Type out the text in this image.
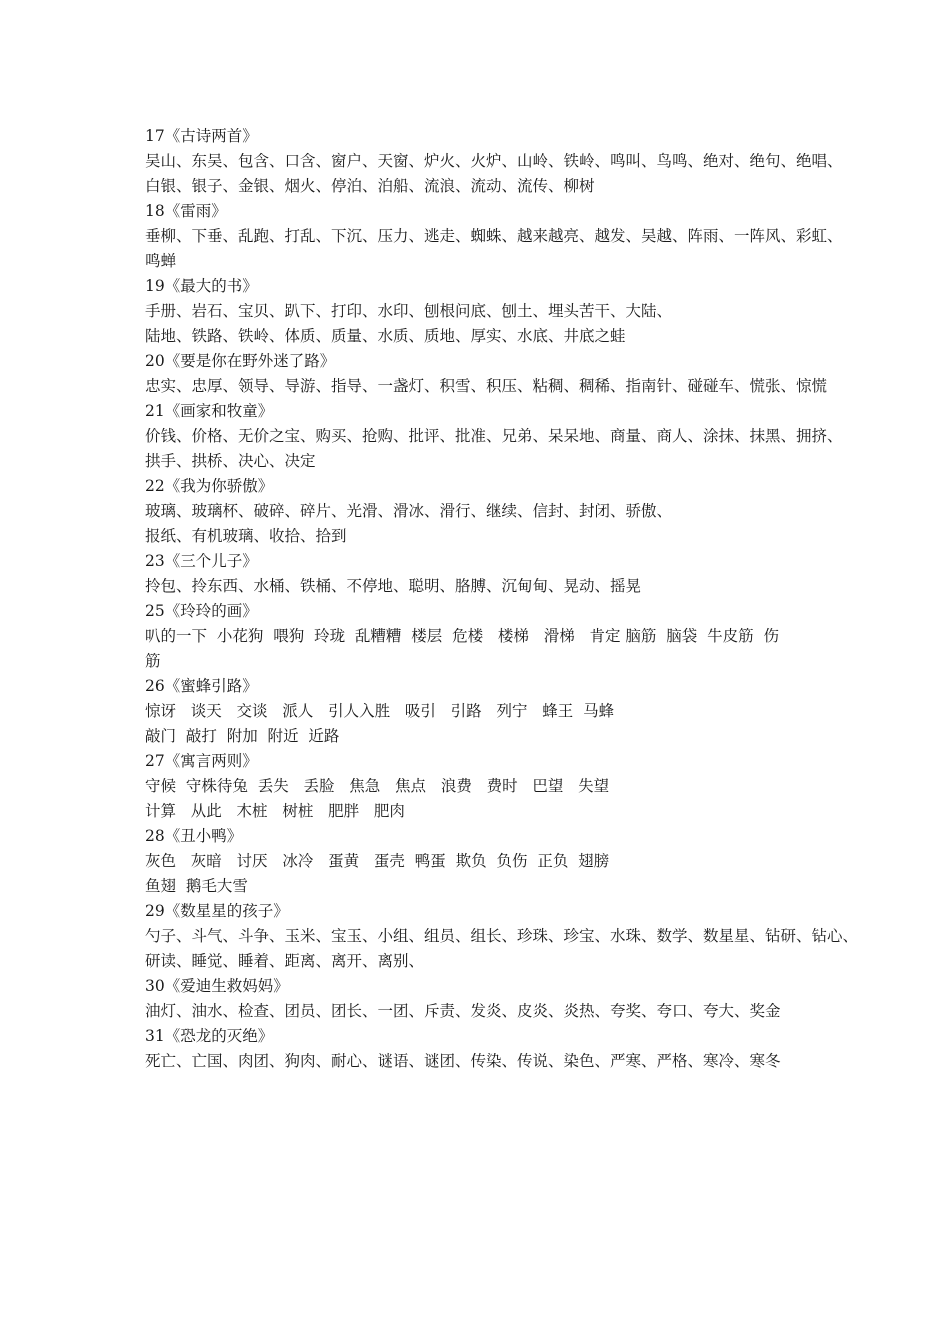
17《古诗两首》
吴山、东吴、包含、口含、窗户、天窗、炉火、火炉、山岭、铁岭、鸣叫、鸟鸣、绝对、绝句、绝唱、
白银、银子、金银、烟火、停泊、泊船、流浪、流动、流传、柳树
18《雷雨》
垂柳、下垂、乱跑、打乱、下沉、压力、逃走、蜘蛛、越来越亮、越发、吴越、阵雨、一阵风、彩虹、
鸣蝉
19《最大的书》
手册、岩石、宝贝、趴下、打印、水印、刨根问底、刨土、埋头苦干、大陆、
陆地、铁路、铁岭、体质、质量、水质、质地、厚实、水底、井底之蛙
20《要是你在野外迷了路》
忠实、忠厚、领导、导游、指导、一盏灯、积雪、积压、粘稠、稠稀、指南针、碰碰车、慌张、惊慌
21《画家和牧童》
价钱、价格、无价之宝、购买、抢购、批评、批准、兄弟、呆呆地、商量、商人、涂抹、抹黑、拥挤、
拱手、拱桥、决心、决定
22《我为你骄傲》
玻璃、玻璃杯、破碎、碎片、光滑、滑冰、滑行、继续、信封、封闭、骄傲、
报纸、有机玻璃、收拾、拾到
23《三个儿子》
拎包、拎东西、水桶、铁桶、不停地、聪明、胳膊、沉甸甸、晃动、摇晃
25《玲玲的画》
叭的一下  小花狗  喂狗  玲珑  乱糟糟  楼层  危楼   楼梯   滑梯   肯定 脑筋  脑袋  牛皮筋  伤
筋
26《蜜蜂引路》
惊讶   谈天   交谈   派人   引人入胜   吸引   引路   列宁   蜂王  马蜂
敲门  敲打  附加  附近  近路
27《寓言两则》
守候  守株待兔  丢失   丢脸   焦急   焦点   浪费   费时   巴望   失望
计算   从此   木桩   树桩   肥胖   肥肉
28《丑小鸭》
灰色   灰暗   讨厌   冰冷   蛋黄   蛋壳  鸭蛋  欺负  负伤  正负  翅膀
鱼翅  鹅毛大雪
29《数星星的孩子》
勺子、斗气、斗争、玉米、宝玉、小组、组员、组长、珍珠、珍宝、水珠、数学、数星星、钻研、钻心、
研读、睡觉、睡着、距离、离开、离别、
30《爱迪生救妈妈》
油灯、油水、检查、团员、团长、一团、斥责、发炎、皮炎、炎热、夸奖、夸口、夸大、奖金
31《恐龙的灭绝》
死亡、亡国、肉团、狗肉、耐心、谜语、谜团、传染、传说、染色、严寒、严格、寒冷、寒冬
